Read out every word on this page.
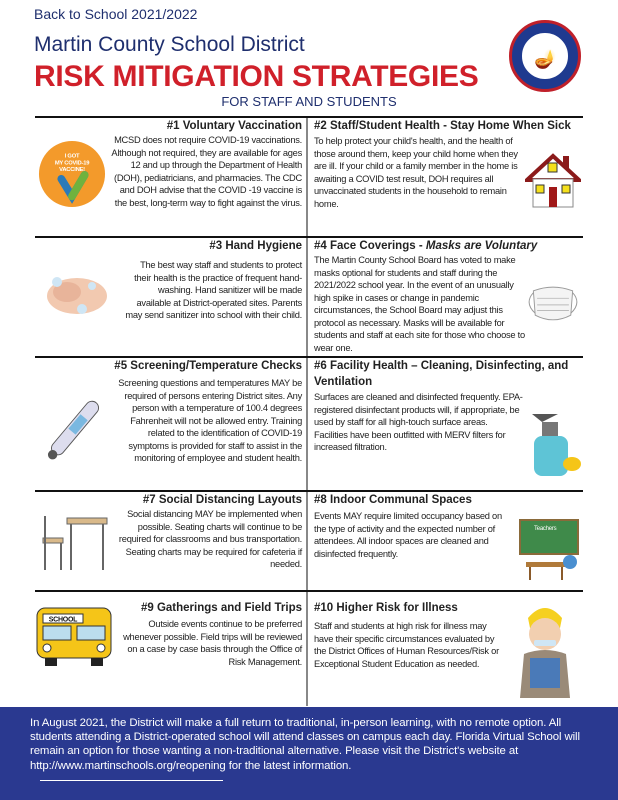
Back to School 2021/2022
Martin County School District
RISK MITIGATION STRATEGIES
FOR STAFF AND STUDENTS
🪔
I GOT
MY COVID-19
VACCINE!
#1 Voluntary Vaccination
MCSD does not require COVID-19 vaccinations. Although not required, they are available for ages 12 and up through the Department of Health (DOH), pediatricians, and pharmacies. The CDC and DOH advise that the COVID -19 vaccine is the best, long-term way to fight against the virus.
#2 Staff/Student Health - Stay Home When Sick
To help protect your child's health, and the health of those around them, keep your child home when they are ill. If your child or a family member in the home is awaiting a COVID test result, DOH requires all unvaccinated students in the household to remain home.
#3 Hand Hygiene
The best way staff and students to protect their health is the practice of frequent hand-washing. Hand sanitizer will be made available at District-operated sites. Parents may send sanitizer into school with their child.
#4 Face Coverings - Masks are Voluntary
The Martin County School Board has voted to make masks optional for students and staff during the 2021/2022 school year. In the event of an unusually high spike in cases or change in pandemic circumstances, the School Board may adjust this protocol as necessary. Masks will be available for students and staff at each site for those who choose to wear one.
#5 Screening/Temperature Checks
Screening questions and temperatures MAY be required of persons entering District sites. Any person with a temperature of 100.4 degrees Fahrenheit will not be allowed entry. Training related to the identification of COVID-19 symptoms is provided for staff to assist in the monitoring of employee and student health.
#6 Facility Health – Cleaning, Disinfecting, and Ventilation
Surfaces are cleaned and disinfected frequently. EPA-registered disinfectant products will, if appropriate, be used by staff for all high-touch surface areas. Facilities have been outfitted with MERV filters for increased filtration.
#7 Social Distancing Layouts
Social distancing MAY be implemented when possible. Seating charts will continue to be required for classrooms and bus transportation. Seating charts may be required for cafeteria if needed.
#8 Indoor Communal Spaces
Events MAY require limited occupancy based on the type of activity and the expected number of attendees. All indoor spaces are cleaned and disinfected frequently.
Teachers
SCHOOL
#9 Gatherings and Field Trips
Outside events continue to be preferred whenever possible. Field trips will be reviewed on a case by case basis through the Office of Risk Management.
#10 Higher Risk for Illness
Staff and students at high risk for illness may have their specific circumstances evaluated by the District Offices of Human Resources/Risk or Exceptional Student Education as needed.
In August 2021, the District will make a full return to traditional, in-person learning, with no remote option. All students attending a District-operated school will attend classes on campus each day. Florida Virtual School will remain an option for those wanting a non-traditional alternative. Please visit the District's website at http://www.martinschools.org/reopening for the latest information.
